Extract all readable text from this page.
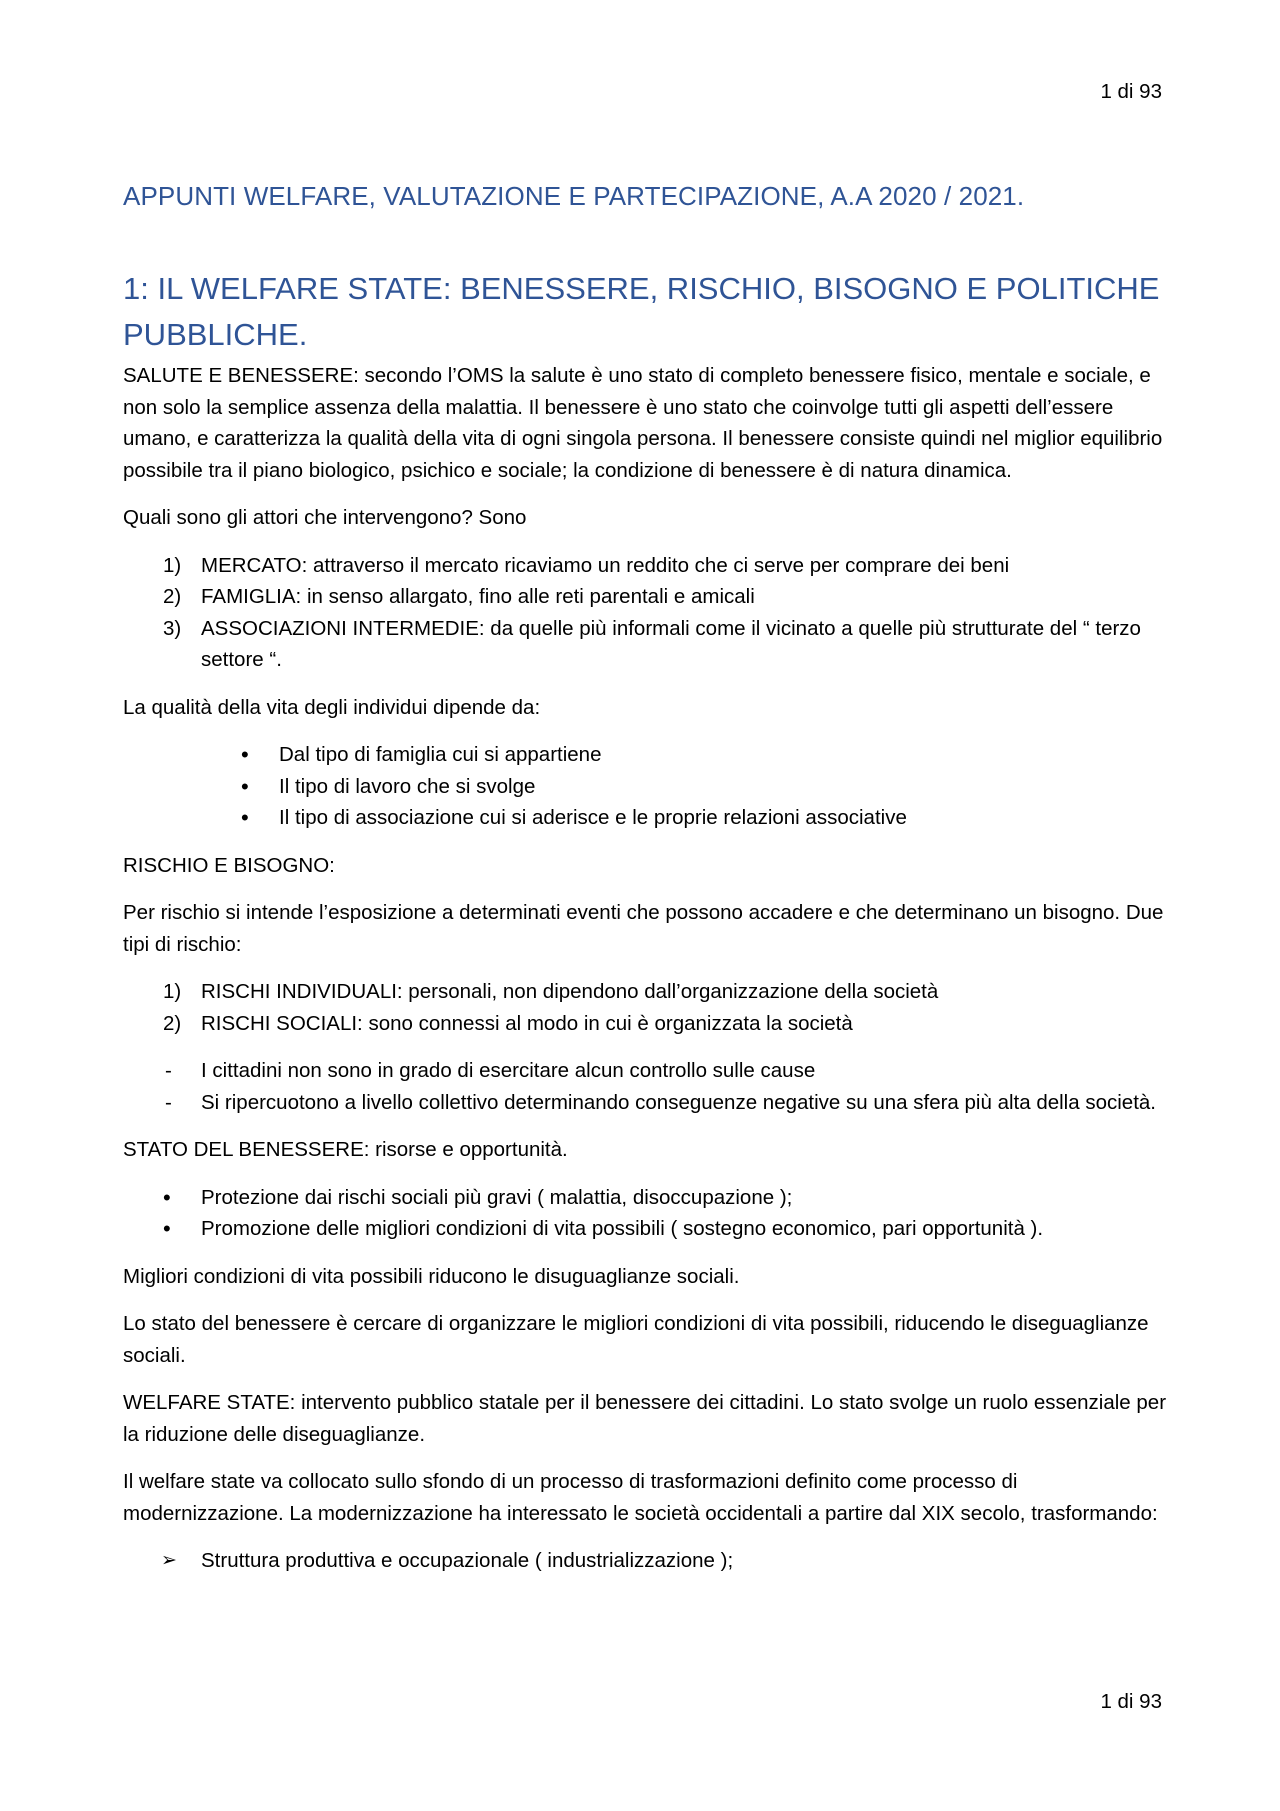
1 di 93
APPUNTI WELFARE, VALUTAZIONE E PARTECIPAZIONE, A.A 2020 / 2021.
1: IL WELFARE STATE: BENESSERE, RISCHIO, BISOGNO E POLITICHE PUBBLICHE.

SALUTE E BENESSERE: secondo l’OMS la salute è uno stato di completo benessere fisico, mentale e sociale, e non solo la semplice assenza della malattia. Il benessere è uno stato che coinvolge tutti gli aspetti dell’essere umano, e caratterizza la qualità della vita di ogni singola persona. Il benessere consiste quindi nel miglior equilibrio possibile tra il piano biologico, psichico e sociale; la condizione di benessere è di natura dinamica.

Quali sono gli attori che intervengono? Sono

1) MERCATO: attraverso il mercato ricaviamo un reddito che ci serve per comprare dei beni
2) FAMIGLIA: in senso allargato, fino alle reti parentali e amicali
3) ASSOCIAZIONI INTERMEDIE: da quelle più informali come il vicinato a quelle più strutturate del “ terzo settore “.

La qualità della vita degli individui dipende da:

• Dal tipo di famiglia cui si appartiene
• Il tipo di lavoro che si svolge
• Il tipo di associazione cui si aderisce e le proprie relazioni associative

RISCHIO E BISOGNO:

Per rischio si intende l’esposizione a determinati eventi che possono accadere e che determinano un bisogno. Due tipi di rischio:

1) RISCHI INDIVIDUALI: personali, non dipendono dall’organizzazione della società
2) RISCHI SOCIALI: sono connessi al modo in cui è organizzata la società
- I cittadini non sono in grado di esercitare alcun controllo sulle cause
- Si ripercuotono a livello collettivo determinando conseguenze negative su una sfera più alta della società.

STATO DEL BENESSERE: risorse e opportunità.

• Protezione dai rischi sociali più gravi ( malattia, disoccupazione );
• Promozione delle migliori condizioni di vita possibili ( sostegno economico, pari opportunità ).

Migliori condizioni di vita possibili riducono le disuguaglianze sociali.

Lo stato del benessere è cercare di organizzare le migliori condizioni di vita possibili, riducendo le diseguaglianze sociali.

WELFARE STATE: intervento pubblico statale per il benessere dei cittadini. Lo stato svolge un ruolo essenziale per la riduzione delle diseguaglianze.

Il welfare state va collocato sullo sfondo di un processo di trasformazioni definito come processo di modernizzazione. La modernizzazione ha interessato le società occidentali a partire dal XIX secolo, trasformando:

➢ Struttura produttiva e occupazionale ( industrializzazione );
1 di 93
